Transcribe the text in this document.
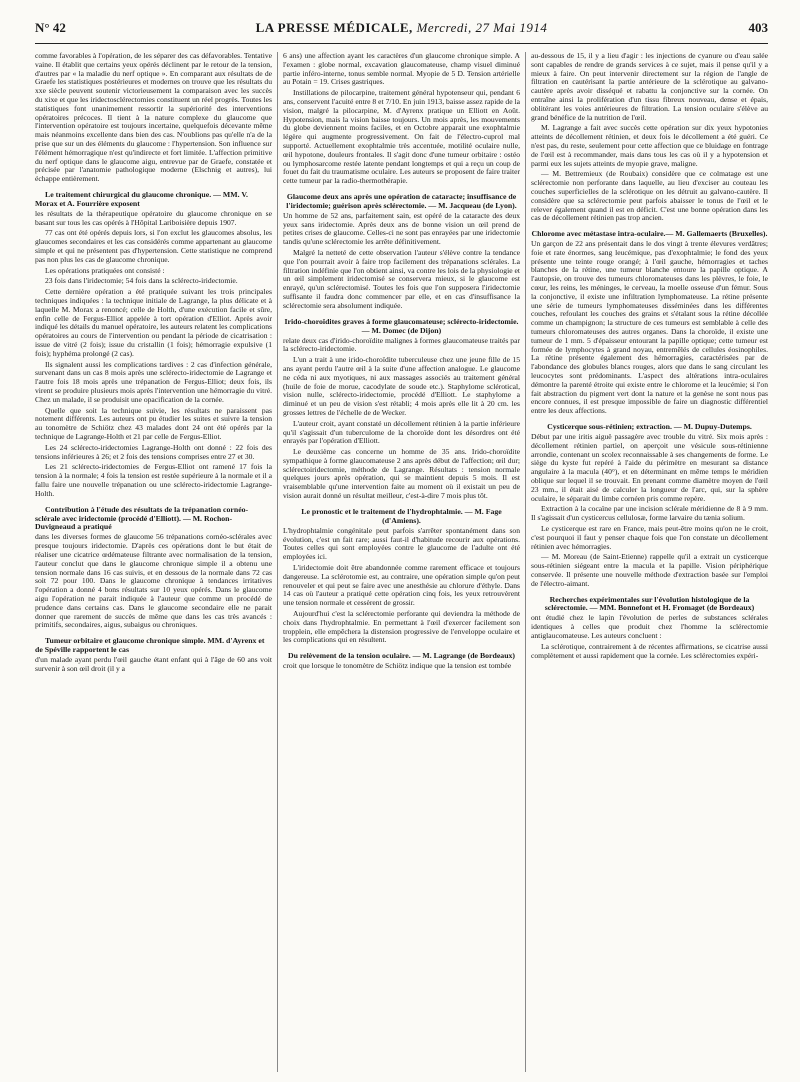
N° 42	LA PRESSE MÉDICALE, Mercredi, 27 Mai 1914	403

comme favorables à l'opération, de les séparer des cas défavorables. Tentative vaine. Il établit que certains yeux opérés déclinent par le retour de la tension, d'autres par « la maladie du nerf optique ». En comparant aux résultats de de Graefe les statistiques postérieures et modernes on trouve que les résultats du xxe siècle peuvent soutenir victorieusement la comparaison avec les succès du xixe et que les iridectosclérectomies constituent un réel progrès. Toutes les statistiques font unanimement ressortir la supériorité des interventions opératoires précoces. Il tient à la nature complexe du glaucome que l'intervention opératoire est toujours incertaine, quelquefois décevante même mais néanmoins excellente dans bien des cas. N'oublions pas qu'elle n'a de la prise que sur un des éléments du glaucome : l'hypertension. Son influence sur l'élément hémorragique n'est qu'indirecte et fort limitée. L'affection primitive du nerf optique dans le glaucome aigu, entrevue par de Graefe, constatée et précisée par l'anatomie pathologique moderne (Elschnig et autres), lui échappe entièrement.

Le traitement chirurgical du glaucome chronique. — MM. V. Morax et A. Fourrière exposent

les résultats de la thérapeutique opératoire du glaucome chronique en se basant sur tous les cas opérés à l'Hôpital Lariboisière depuis 1907.

77 cas ont été opérés depuis lors, si l'on exclut les glaucomes absolus, les glaucomes secondaires et les cas considérés comme appartenant au glaucome simple et qui ne présentent pas d'hypertension. Cette statistique ne comprend pas non plus les cas de glaucome chronique.

Les opérations pratiquées ont consisté :

23 fois dans l'iridectomie; 54 fois dans la sclérecto-iridectomie.

Cette dernière opération a été pratiquée suivant les trois principales techniques indiquées : la technique initiale de Lagrange, la plus délicate et à laquelle M. Morax a renoncé; celle de Holth, d'une exécution facile et sûre, enfin celle de Fergus-Elliot appelée à tort opération d'Elliot. Après avoir indiqué les détails du manuel opératoire, les auteurs relatent les complications opératoires au cours de l'intervention ou pendant la période de cicatrisation : issue de vitré (2 fois); issue du cristallin (1 fois); hémorragie expulsive (1 fois); hyphéma prolongé (2 cas).

Ils signalent aussi les complications tardives : 2 cas d'infection générale, survenant dans un cas 8 mois après une scléreсto-iridectomie de Lagrange et l'autre fois 18 mois après une trépanation de Fergus-Elliot; deux fois, ils virent se produire plusieurs mois après l'intervention une hémorragie du vitré. Chez un malade, il se produisit une opacification de la cornée.

Quelle que soit la technique suivie, les résultats ne paraissent pas notement différents. Les auteurs ont pu étudier les suites et suivre la tension au tonomètre de Schiötz chez 43 malades dont 24 ont été opérés par la technique de Lagrange-Holth et 21 par celle de Fergus-Elliot.

Les 24 sclérecto-iridectomies Lagrange-Holth ont donné : 22 fois des tensions inférieures à 26; et 2 fois des tensions comprises entre 27 et 30.

Les 21 sclérecto-iridectomies de Fergus-Elliot ont ramené 17 fois la tension à la normale; 4 fois la tension est restée supérieure à la normale et il a fallu faire une nouvelle trépanation ou une sclérecto-iridectomie Lagrange-Holth.

Contribution à l'étude des résultats de la trépanation cornéo-sclérale avec iridectomie (procédé d'Elliott). — M. Rochon-Duvigneaud a pratiqué

dans les diverses formes de glaucome 56 trépanations cornéo-sclérales avec presque toujours iridectomie. D'après ces opérations dont le but était de réaliser une cicatrice œdémateuse filtrante avec normalisation de la tension, l'auteur conclut que dans le glaucome chronique simple il a obtenu une tension normale dans 16 cas suivis, et en dessous de la normale dans 72 cas soit 72 pour 100. Dans le glaucome chronique à tendances irritatives l'opération a donné 4 bons résultats sur 10 yeux opérés. Dans le glaucome aigu l'opération ne parait indiquée à l'auteur que comme un procédé de prudence dans certains cas. Dans le glaucome secondaire elle ne parait donner que rarement de succès de même que dans les cas très avancés : primitifs, secondaires, aigus, subaigus ou chroniques.

Tumeur orbitaire et glaucome chronique simple. MM. d'Ayrenx et de Spéville rapportent le cas

d'un malade ayant perdu l'œil gauche étant enfant qui à l'âge de 60 ans voit survenir à son œil droit (il y a

6 ans) une affection ayant les caractères d'un glaucome chronique simple. A l'examen : globe normal, excavation glaucomateuse, champ visuel diminué partie inféro-interne, tonus semble normal. Myopie de 5 D. Tension artérielle au Potain = 19. Crises gastriques.

Instillations de pilocarpine, traitement général hypotenseur qui, pendant 6 ans, conservent l'acuité entre 8 et 7/10. En juin 1913, baisse assez rapide de la vision, malgré la pilocarpine, M. d'Ayrenx pratique un Elliott en Août. Hypotension, mais la vision baisse toujours. Un mois après, les mouvements du globe deviennent moins faciles, et en Octobre apparait une exophtalmie légère qui augmente progressivement. On fait de l'électro-cuprol mal supporté. Actuellement exophtalmie très accentuée, motilité oculaire nulle, œil hypotone, douleurs frontales. Il s'agit donc d'une tumeur orbitaire : ostéo ou lymphosarcome restée latente pendant longtemps et qui a reçu un coup de fouet du fait du traumatisme oculaire. Les auteurs se proposent de faire traiter cette tumeur par la radio-thermothérapie.

Glaucome deux ans après une opération de cataracte; insuffisance de l'iridectomie; guérison après sclérectomie. — M. Jacqueau (de Lyon).

Un homme de 52 ans, parfaitement sain, est opéré de la cataracte des deux yeux sans iridectomie. Après deux ans de bonne vision un œil prend de petites crises de glaucome. Celles-ci ne sont pas enrayées par une iridectomie tandis qu'une sclérectomie les arrête définitivement.

Malgré la netteté de cette observation l'auteur s'élève contre la tendance que l'on pourrait avoir à faire trop facilement des trépanations sclérales. La filtration indéfinie que l'on obtient ainsi, va contre les lois de la physiologie et un œil simplement iridectomisé se conservera mieux, si le glaucome est enrayé, qu'un sclérectomisé. Toutes les fois que l'on supposera l'iridectomie suffisante il faudra donc commencer par elle, et en cas d'insuffisance la sclérectomie sera absolument indiquée.

Irido-choroïdites graves à forme glaucomateuse; sclérecto-iridectomie. — M. Domec (de Dijon)

relate deux cas d'irido-choroïdite malignes à formes glaucomateuse traités par la sclérecto-iridectomie.

L'un a trait à une irido-choroïdite tuberculeuse chez une jeune fille de 15 ans ayant perdu l'autre œil à la suite d'une affection analogue. Le glaucome ne céda ni aux myotiques, ni aux massages associés au traitement général (huile de foie de morue, cacodylate de soude etc.). Staphylome sclérotical, vision nulle, sclérecto-iridectomie, procédé d'Elliott. Le staphylome a diminué et un peu de vision s'est rétabli; 4 mois après elle lit à 20 cm. les grosses lettres de l'échelle de de Wecker.

L'auteur croit, ayant constaté un décollement rétinien à la partie inférieure qu'il s'agissait d'un tuberculome de la choroïde dont les désordres ont été enrayés par l'opération d'Elliott.

Le deuxième cas concerne un homme de 35 ans. Irido-choroïdite sympathique à forme glaucomateuse 2 ans après début de l'affection; œil dur; sclérectoiridectomie, méthode de Lagrange. Résultats : tension normale quelques jours après opération, qui se maintient depuis 5 mois. Il est vraisemblable qu'une intervention faite au moment où il existait un peu de vision aurait donné un résultat meilleur, c'est-à-dire 7 mois plus tôt.

Le pronostic et le traitement de l'hydrophtalmie. — M. Fage (d'Amiens).

L'hydrophtalmie congénitale peut parfois s'arrêter spontanément dans son évolution, c'est un fait rare; aussi faut-il d'habitude recourir aux opérations. Toutes celles qui sont employées contre le glaucome de l'adulte ont été employées ici.

L'iridectomie doit être abandonnée comme rarement efficace et toujours dangereuse. La sclérotomie est, au contraire, une opération simple qu'on peut renouveler et qui peut se faire avec une anesthésie au chlorure d'éthyle. Dans 14 cas où l'auteur a pratiqué cette opération cinq fois, les yeux retrouvèrent une tension normale et cessèrent de grossir.

Aujourd'hui c'est la sclérectomie perforante qui deviendra la méthode de choix dans l'hydrophtalmie. En permettant à l'œil d'exercer facilement son tropplein, elle empêchera la distension progressive de l'enveloppe oculaire et les complications qui en résultent.

Du relèvement de la tension oculaire. — M. Lagrange (de Bordeaux)

croit que lorsque le tonomètre de Schiötz indique que la tension est tombée

au-dessous de 15, il y a lieu d'agir : les injections de cyanure ou d'eau salée sont capables de rendre de grands services à ce sujet, mais il pense qu'il y a mieux à faire. On peut intervenir directement sur la région de l'angle de filtration en cautérisant la partie antérieure de la sclérotique au galvano-cautère après avoir disséqué et rabattu la conjonctive sur la cornée. On entraîne ainsi la prolifération d'un tissu fibreux nouveau, dense et épais, oblitérant les voies antérieures de filtration. La tension oculaire s'élève au grand bénéfice de la nutrition de l'œil.

M. Lagrange a fait avec succès cette opération sur dix yeux hypotonies atteints de décollement rétinien, et deux fois le décollement a été guéri. Ce n'est pas, du reste, seulement pour cette affection que ce bluidage en fontrage de l'œil est à recommander, mais dans tous les cas où il y a hypotension et parmi eux les sujets atteints de myopie grave, maligne.

— M. Bettremieux (de Roubaix) considère que ce colmatage est une sclérectomie non perforante dans laquelle, au lieu d'exciser au couteau les couches superficielles de la sclérotique on les détruit au galvano-cautère. Il considère que sa sclérectomie peut parfois abaisser le tonus de l'œil et le relever également quand il est en déficit. C'est une bonne opération dans les cas de décollement rétinien pas trop ancien.

Chlorome avec métastase intra-oculaire.— M. Gallemaerts (Bruxelles).

Un garçon de 22 ans présentait dans le dos vingt à trente élevures verdâtres; foie et rate énormes, sang leucémique, pas d'exophtalmie; le fond des yeux présente une teinte rouge orangé; à l'œil gauche, hémorragies et taches blanches de la rétine, une tumeur blanche entoure la papille optique. A l'autopsie, on trouve des tumeurs chloromateuses dans les plèvres, le foie, le cœur, les reins, les méninges, le cerveau, la moelle osseuse d'un fémur. Sous la conjonctive, il existe une infiltration lymphomateuse. La rétine présente une série de tumeurs lymphomateuses disséminées dans les différentes couches, refoulant les couches des grains et s'étalant sous la rétine décollée comme un champignon; la structure de ces tumeurs est semblable à celle des tumeurs chloromateuses des autres organes. Dans la choroïde, il existe une tumeur de 1 mm. 5 d'épaisseur entourant la papille optique; cette tumeur est formée de lymphocytes à grand noyau, entremêlés de cellules éosinophiles. La rétine présente également des hémorragies, caractérisées par de l'abondance des globules blancs rouges, alors que dans le sang circulant les leucocytes sont prédominants. L'aspect des altérations intra-oculaires démontre la parenté étroite qui existe entre le chlorome et la leucémie; si l'on fait abstraction du pigment vert dont la nature et la genèse ne sont nous pas encore connues, il est presque impossible de faire un diagnostic différentiel entre les deux affections.

Cysticerque sous-rétinien; extraction. — M. Dupuy-Dutemps.

Début par une iritis aiguë passagère avec trouble du vitré. Six mois après : décollement rétinien partiel, on aperçoit une vésicule sous-rétinienne arrondie, contenant un scolex reconnaissable à ses changements de forme. Le siège du kyste fut repéré à l'aide du périmètre en mesurant sa distance angulaire à la macula (40°), et en déterminant en même temps le méridien oblique sur lequel il se trouvait. En prenant comme diamètre moyen de l'œil 23 mm., il était aisé de calculer la longueur de l'arc, qui, sur la sphère oculaire, le séparait du limbe cornéen pris comme repère.

Extraction à la cocaïne par une incision sclérale méridienne de 8 à 9 mm. Il s'agissait d'un cysticercus cellulosæ, forme larvaire du tænia solium.

Le cysticerque est rare en France, mais peut-être moins qu'on ne le croit, c'est pourquoi il faut y penser chaque fois que l'on constate un décollement rétinien avec hémorragies.

— M. Moreau (de Saint-Etienne) rappelle qu'il a extrait un cysticerque sous-rétinien siégeant entre la macula et la papille. Vision périphérique conservée. Il présente une nouvelle méthode d'extraction basée sur l'emploi de l'électro-aimant.

Recherches expérimentales sur l'évolution histologique de la sclérectomie. — MM. Bonnefont et H. Fromaget (de Bordeaux)

ont étudié chez le lapin l'évolution de perles de substances sclérales identiques à celles que produit chez l'homme la sclérectomie antiglaucomateuse. Les auteurs concluent :

La sclérotique, contrairement à de récentes affirmations, se cicatrise aussi complètement et aussi rapidement que la cornée. Les sclérectomies expéri-
